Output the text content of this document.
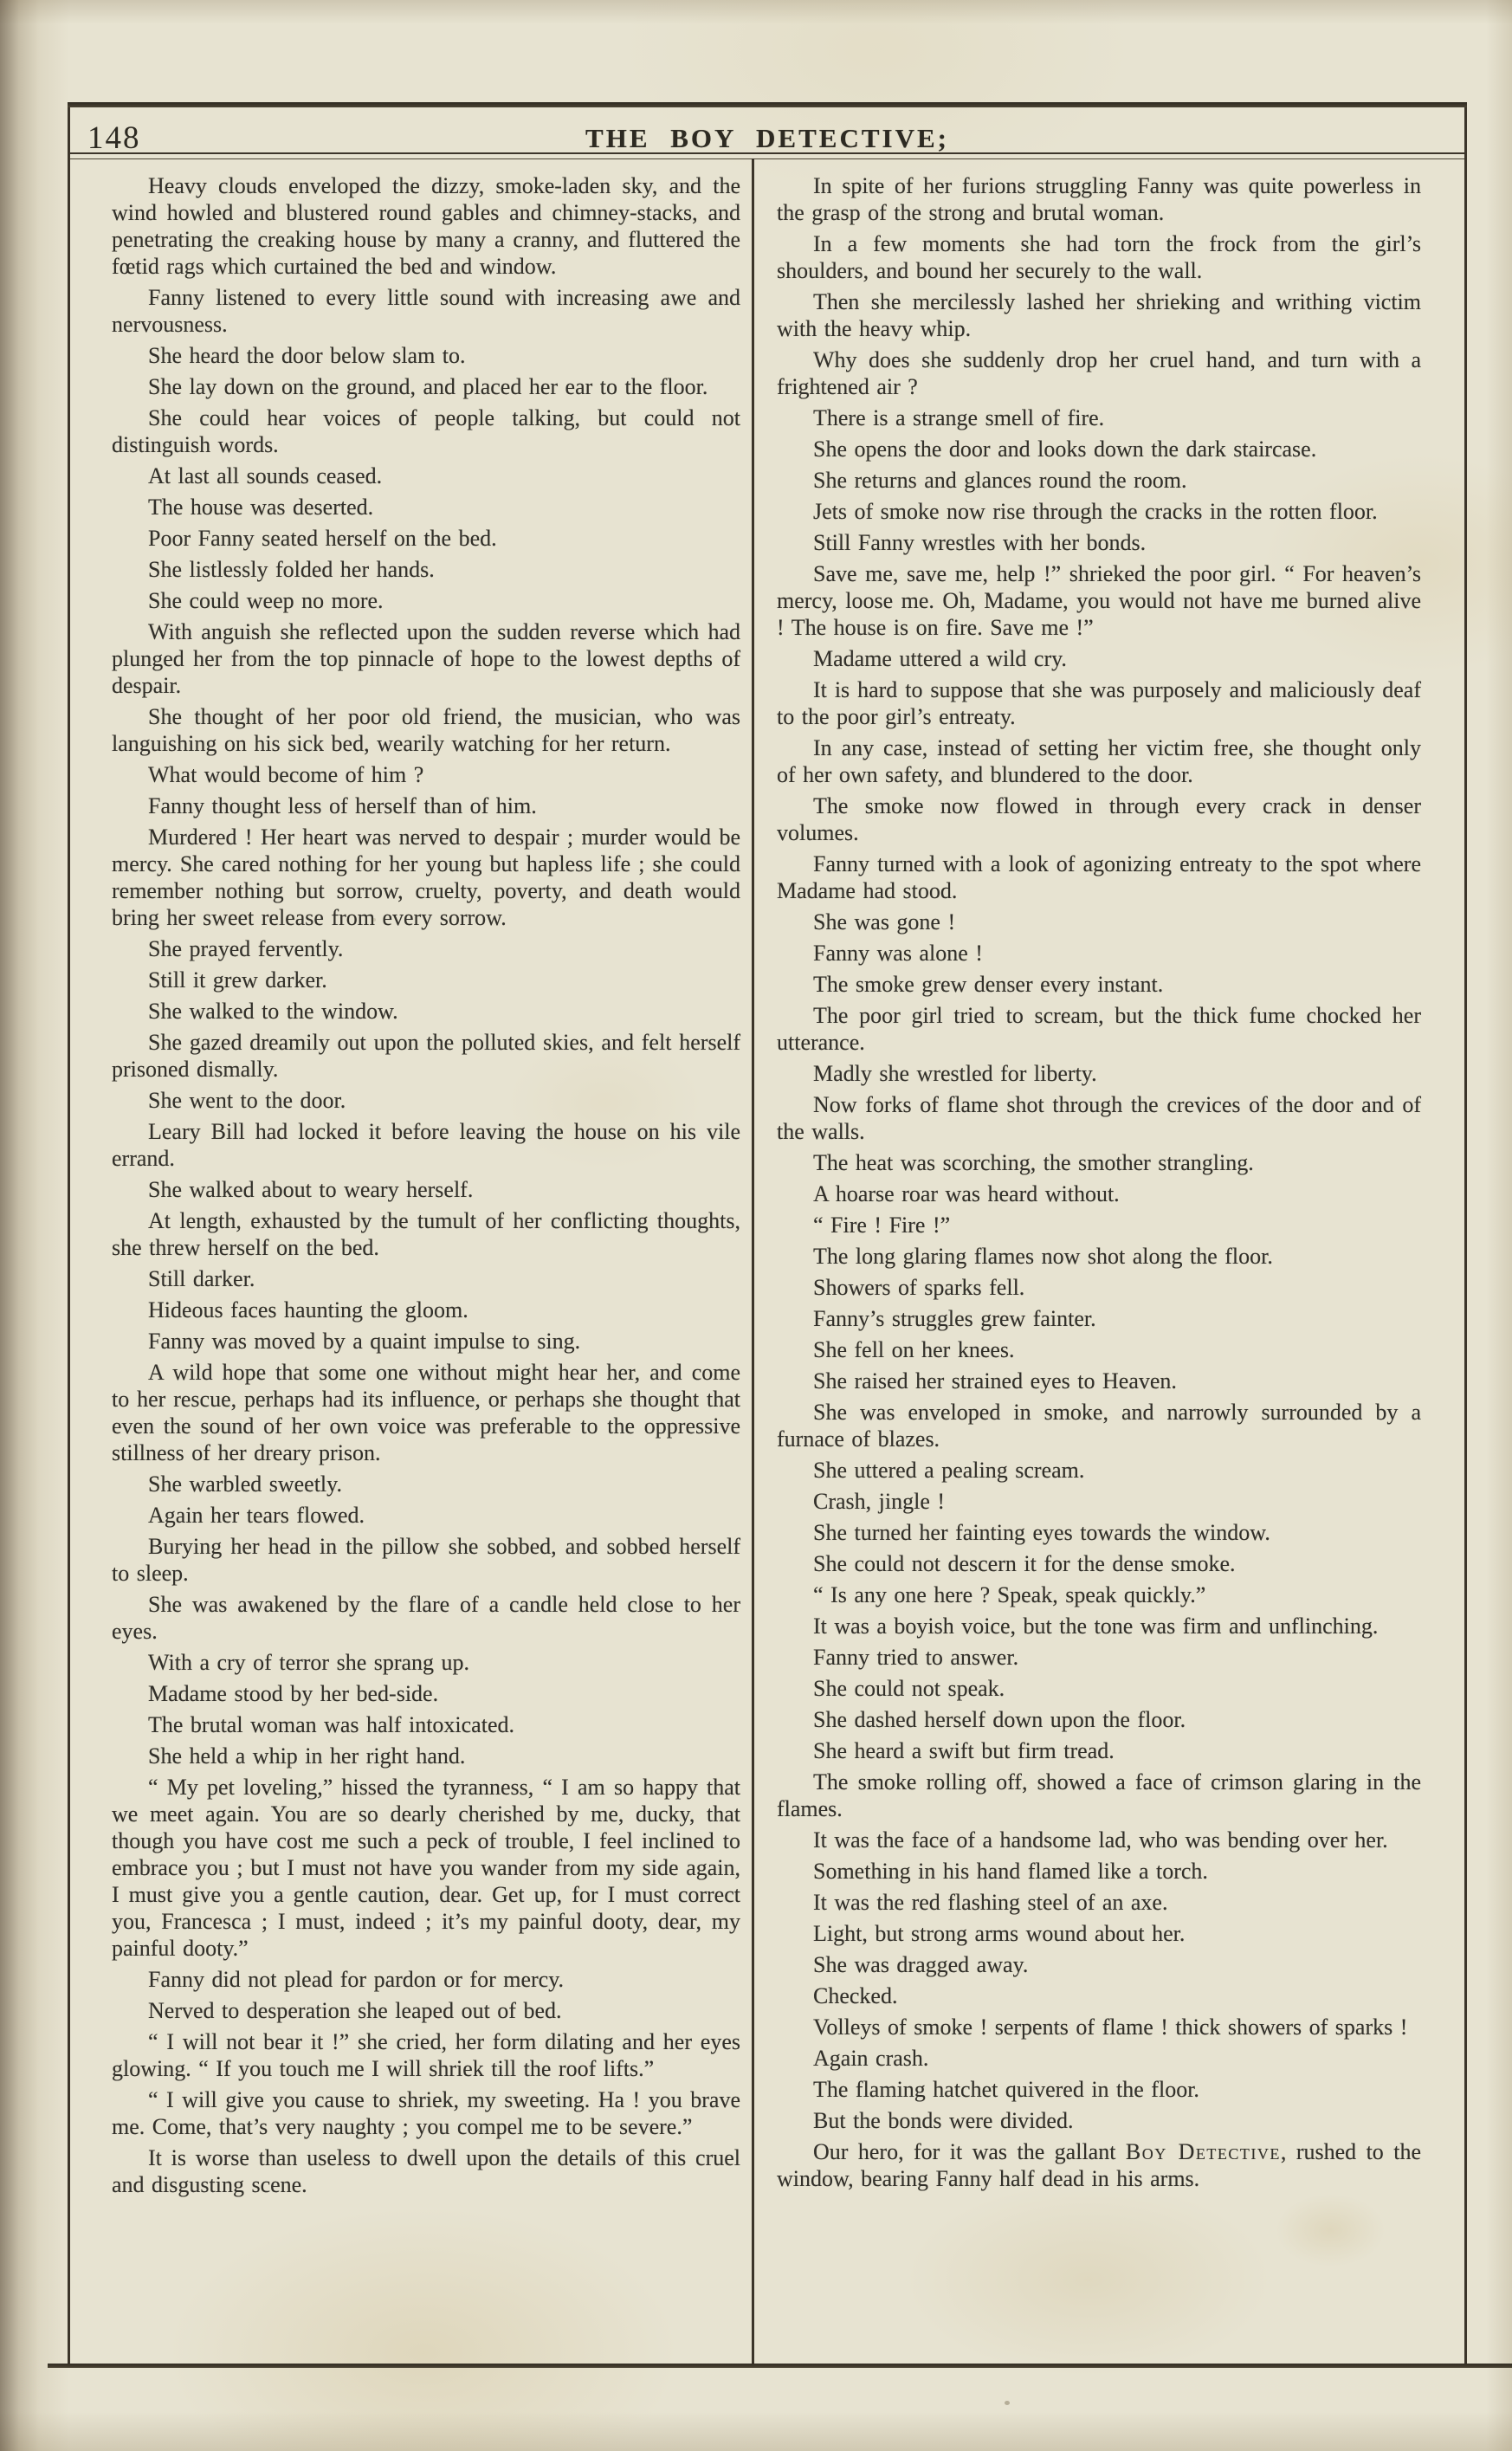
148	THE BOY DETECTIVE;

Heavy clouds enveloped the dizzy, smoke-laden sky, and the wind howled and blustered round gables and chimney-stacks, and penetrating the creaking house by many a cranny, and fluttered the fœtid rags which curtained the bed and window.

Fanny listened to every little sound with increasing awe and nervousness.

She heard the door below slam to.

She lay down on the ground, and placed her ear to the floor.

She could hear voices of people talking, but could not distinguish words.

At last all sounds ceased.

The house was deserted.

Poor Fanny seated herself on the bed.

She listlessly folded her hands.

She could weep no more.

With anguish she reflected upon the sudden reverse which had plunged her from the top pinnacle of hope to the lowest depths of despair.

She thought of her poor old friend, the musician, who was languishing on his sick bed, wearily watching for her return.

What would become of him ?

Fanny thought less of herself than of him.

Murdered ! Her heart was nerved to despair ; murder would be mercy. She cared nothing for her young but hapless life ; she could remember nothing but sorrow, cruelty, poverty, and death would bring her sweet release from every sorrow.

She prayed fervently.

Still it grew darker.

She walked to the window.

She gazed dreamily out upon the polluted skies, and felt herself prisoned dismally.

She went to the door.

Leary Bill had locked it before leaving the house on his vile errand.

She walked about to weary herself.

At length, exhausted by the tumult of her conflicting thoughts, she threw herself on the bed.

Still darker.

Hideous faces haunting the gloom.

Fanny was moved by a quaint impulse to sing.

A wild hope that some one without might hear her, and come to her rescue, perhaps had its influence, or perhaps she thought that even the sound of her own voice was preferable to the oppressive stillness of her dreary prison.

She warbled sweetly.

Again her tears flowed.

Burying her head in the pillow she sobbed, and sobbed herself to sleep.

She was awakened by the flare of a candle held close to her eyes.

With a cry of terror she sprang up.

Madame stood by her bed-side.

The brutal woman was half intoxicated.

She held a whip in her right hand.

“ My pet loveling,” hissed the tyranness, “ I am so happy that we meet again. You are so dearly cherished by me, ducky, that though you have cost me such a peck of trouble, I feel inclined to embrace you ; but I must not have you wander from my side again, I must give you a gentle caution, dear. Get up, for I must correct you, Francesca ; I must, indeed ; it’s my painful dooty, dear, my painful dooty.”

Fanny did not plead for pardon or for mercy.

Nerved to desperation she leaped out of bed.

“ I will not bear it !” she cried, her form dilating and her eyes glowing. “ If you touch me I will shriek till the roof lifts.”

“ I will give you cause to shriek, my sweeting. Ha ! you brave me. Come, that’s very naughty ; you compel me to be severe.”

It is worse than useless to dwell upon the details of this cruel and disgusting scene.

In spite of her furions struggling Fanny was quite powerless in the grasp of the strong and brutal woman.

In a few moments she had torn the frock from the girl’s shoulders, and bound her securely to the wall.

Then she mercilessly lashed her shrieking and writhing victim with the heavy whip.

Why does she suddenly drop her cruel hand, and turn with a frightened air ?

There is a strange smell of fire.

She opens the door and looks down the dark staircase.

She returns and glances round the room.

Jets of smoke now rise through the cracks in the rotten floor.

Still Fanny wrestles with her bonds.

Save me, save me, help !” shrieked the poor girl. “ For heaven’s mercy, loose me. Oh, Madame, you would not have me burned alive ! The house is on fire. Save me !”

Madame uttered a wild cry.

It is hard to suppose that she was purposely and maliciously deaf to the poor girl’s entreaty.

In any case, instead of setting her victim free, she thought only of her own safety, and blundered to the door.

The smoke now flowed in through every crack in denser volumes.

Fanny turned with a look of agonizing entreaty to the spot where Madame had stood.

She was gone !

Fanny was alone !

The smoke grew denser every instant.

The poor girl tried to scream, but the thick fume chocked her utterance.

Madly she wrestled for liberty.

Now forks of flame shot through the crevices of the door and of the walls.

The heat was scorching, the smother strangling.

A hoarse roar was heard without.

“ Fire ! Fire !”

The long glaring flames now shot along the floor.

Showers of sparks fell.

Fanny’s struggles grew fainter.

She fell on her knees.

She raised her strained eyes to Heaven.

She was enveloped in smoke, and narrowly surrounded by a furnace of blazes.

She uttered a pealing scream.

Crash, jingle !

She turned her fainting eyes towards the window.

She could not descern it for the dense smoke.

“ Is any one here ? Speak, speak quickly.”

It was a boyish voice, but the tone was firm and unflinching.

Fanny tried to answer.

She could not speak.

She dashed herself down upon the floor.

She heard a swift but firm tread.

The smoke rolling off, showed a face of crimson glaring in the flames.

It was the face of a handsome lad, who was bending over her.

Something in his hand flamed like a torch.

It was the red flashing steel of an axe.

Light, but strong arms wound about her.

She was dragged away.

Checked.

Volleys of smoke ! serpents of flame ! thick showers of sparks !

Again crash.

The flaming hatchet quivered in the floor.

But the bonds were divided.

Our hero, for it was the gallant Boy Detective, rushed to the window, bearing Fanny half dead in his arms.
